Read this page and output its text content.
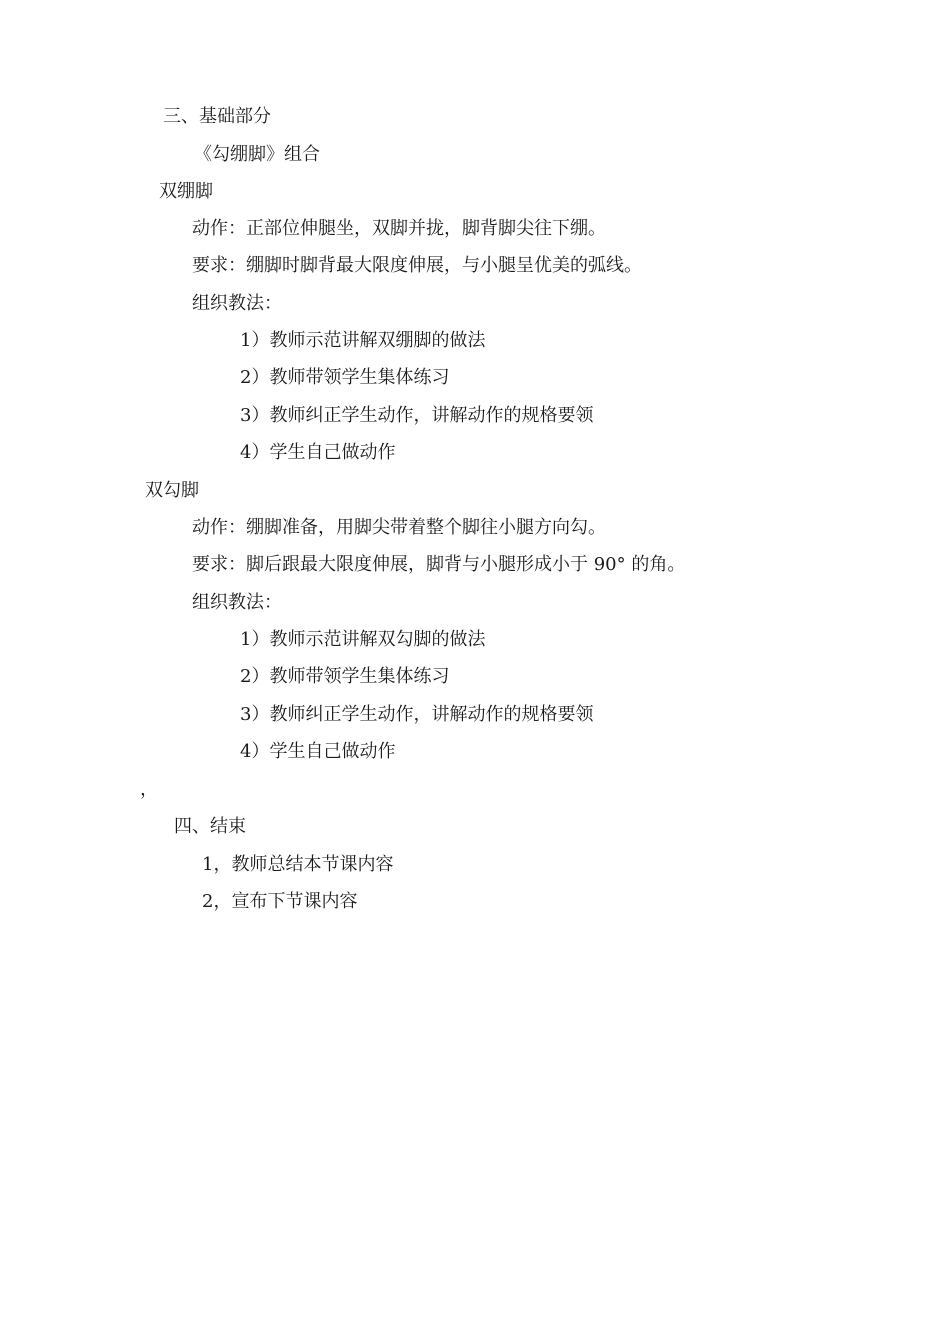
三、基础部分
《勾绷脚》组合
双绷脚
动作：正部位伸腿坐，双脚并拢，脚背脚尖往下绷。
要求：绷脚时脚背最大限度伸展，与小腿呈优美的弧线。
组织教法：
1）教师示范讲解双绷脚的做法
2）教师带领学生集体练习
3）教师纠正学生动作，讲解动作的规格要领
4）学生自己做动作
双勾脚
动作：绷脚准备，用脚尖带着整个脚往小腿方向勾。
要求：脚后跟最大限度伸展，脚背与小腿形成小于 90° 的角。
组织教法：
1）教师示范讲解双勾脚的做法
2）教师带领学生集体练习
3）教师纠正学生动作，讲解动作的规格要领
4）学生自己做动作
，
四、结束
1，教师总结本节课内容
2，宣布下节课内容
